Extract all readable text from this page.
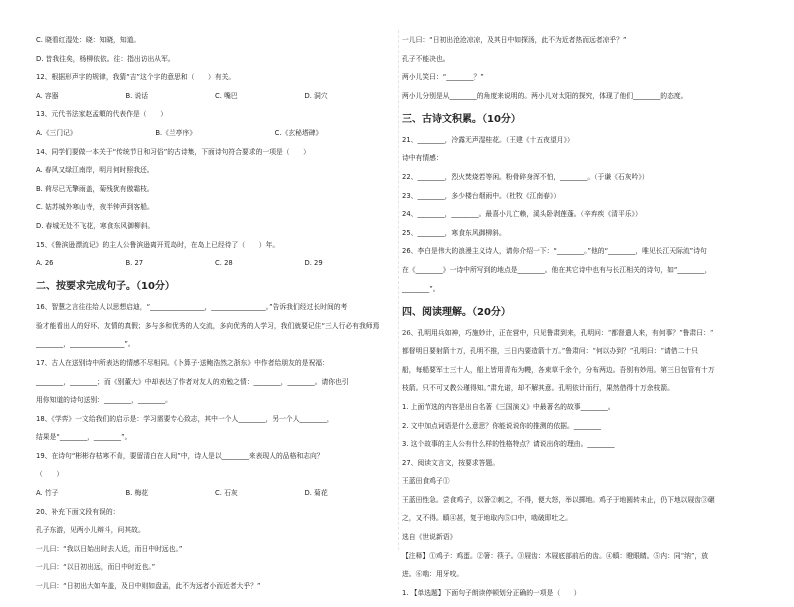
C. 晓看红湿处：晓：知晓，知道。

D. 昔我往矣，杨柳依依。往：指出访出从军。

12、根据形声字的规律，我猜“吉”这个字的意思和（　　）有关。

A. 容器	B. 说话	C. 嘴巴	D. 洞穴

13、元代书法家赵孟頫的代表作是（　　）

A.《三门记》	B.《兰亭序》	C.《玄秘塔碑》

14、同学们要做一本关于“传统节日和习俗”的古诗集，下面诗句符合要求的一项是（　　）

A. 春风又绿江南岸，明月何时照我还。

B. 荷尽已无擎雨盖，菊残犹有傲霜枝。

C. 姑苏城外寒山寺，夜半钟声到客船。

D. 春城无处不飞花，寒食东风御柳斜。

15、《鲁滨逊漂流记》的主人公鲁滨逊离开荒岛时，在岛上已经待了（　　）年。

A. 26	B. 27	C. 28	D. 29
二、按要求完成句子。（10分）

16、智慧之言往往给人以思想启迪，“________________，________________。”告诉我们经过长时间的考

验才能看出人的好坏、友情的真假；多与多和优秀的人交流，多向优秀的人学习，我们就要记住“三人行必有我师焉

________，________________”。

17、古人在送别诗中所表达的情感不尽相同。《卜算子·送鲍浩然之浙东》中作者给朋友的是祝福：

________，________；而《别董大》中却表达了作者对友人的劝勉之情：________，________。请你也引

用你知道的诗句送别：________，________。

18、《学弈》一文给我们的启示是：学习需要专心致志，其中一个人________，另一个人________，

结果是“________，________”。

19、在诗句“彬彬存枯寒不肯，要留清白在人间”中，诗人是以________来表现人的品格和志向？

（　　）

A. 竹子	B. 梅花	C. 石灰	D. 菊花

20、补充下面文段有误的：

孔子东游，见两小儿辩斗，问其故。

一儿曰：“我以日始出时去人近，而日中时远也。”

一儿曰：“以日初出远，而日中时近也。”

一儿曰：“日初出大如车盖，及日中则如盘盂，此不为远者小而近者大乎？”

一儿曰：“日初出沧沧凉凉，及其日中如探汤，此不为近者热而远者凉乎？”

孔子不能决也。

两小儿笑曰：“________？”

两小儿分别是从________的角度来说明的。两小儿对太阳的探究，体现了他们________的态度。

三、古诗文积累。（10分）

21、________，冷露无声湿桂花。（王建《十五夜望月》）

诗中有情感：

22、________，烈火焚烧若等闲。粉骨碎身浑不怕，________。（于谦《石灰吟》）

23、________，多少楼台烟雨中。（杜牧《江南春》）

24、________，________。最喜小儿亡赖，溪头卧剥莲蓬。（辛弃疾《清平乐》）

25、________，寒食东风御柳斜。

26、李白是伟大的浪漫主义诗人，请你介绍一下：“________。”他的“________，唯见长江天际流”诗句

在《________》一诗中所写到的地点是________。他在其它诗中也有与长江相关的诗句，如“________，

________”。

四、阅读理解。（20分）

26、孔明用兵如神，巧施妙计，正在营中，只见鲁肃到来，孔明问：“都督遣人来，有何事？”鲁肃曰：“

都督明日要射箭十万，孔明不推，三日内要造箭十万。”鲁肃问：“何以办到？”孔明曰：“请借二十只

船，每船要军士三十人，船上皆用青布为幔，各束草千余个，分布两边。吾别有妙用。第三日包管有十万

枝箭。只不可又教公瑾得知。”肃允诺，却不解其意。孔明依计而行，果然借得十万余枝箭。

1. 上面节选的内容是出自名著《三国演义》中最著名的故事________。

2. 文中加点词语是什么意思？你能说说你的推测的依据。________

3. 这个故事的主人公有什么样的性格特点？请说出你的理由。________

27、阅读文言文，按要求答题。

王蓝田食鸡子①

王蓝田性急。尝食鸡子，以箸②刺之，不得，便大怒，举以掷地。鸡子于地圆转未止，仍下地以屐齿③碾

之，又不得。瞋④甚，复于地取内⑤口中，啮破即吐之。

选自《世说新语》

【注释】①鸡子：鸡蛋。②箸：筷子。③屐齿：木屐底部前后的齿。④瞋：瞪眼睛。⑤内：同“纳”，放

进。⑥啮：用牙咬。

1. 【单选题】下面句子朗读停顿划分正确的一项是（　　）
